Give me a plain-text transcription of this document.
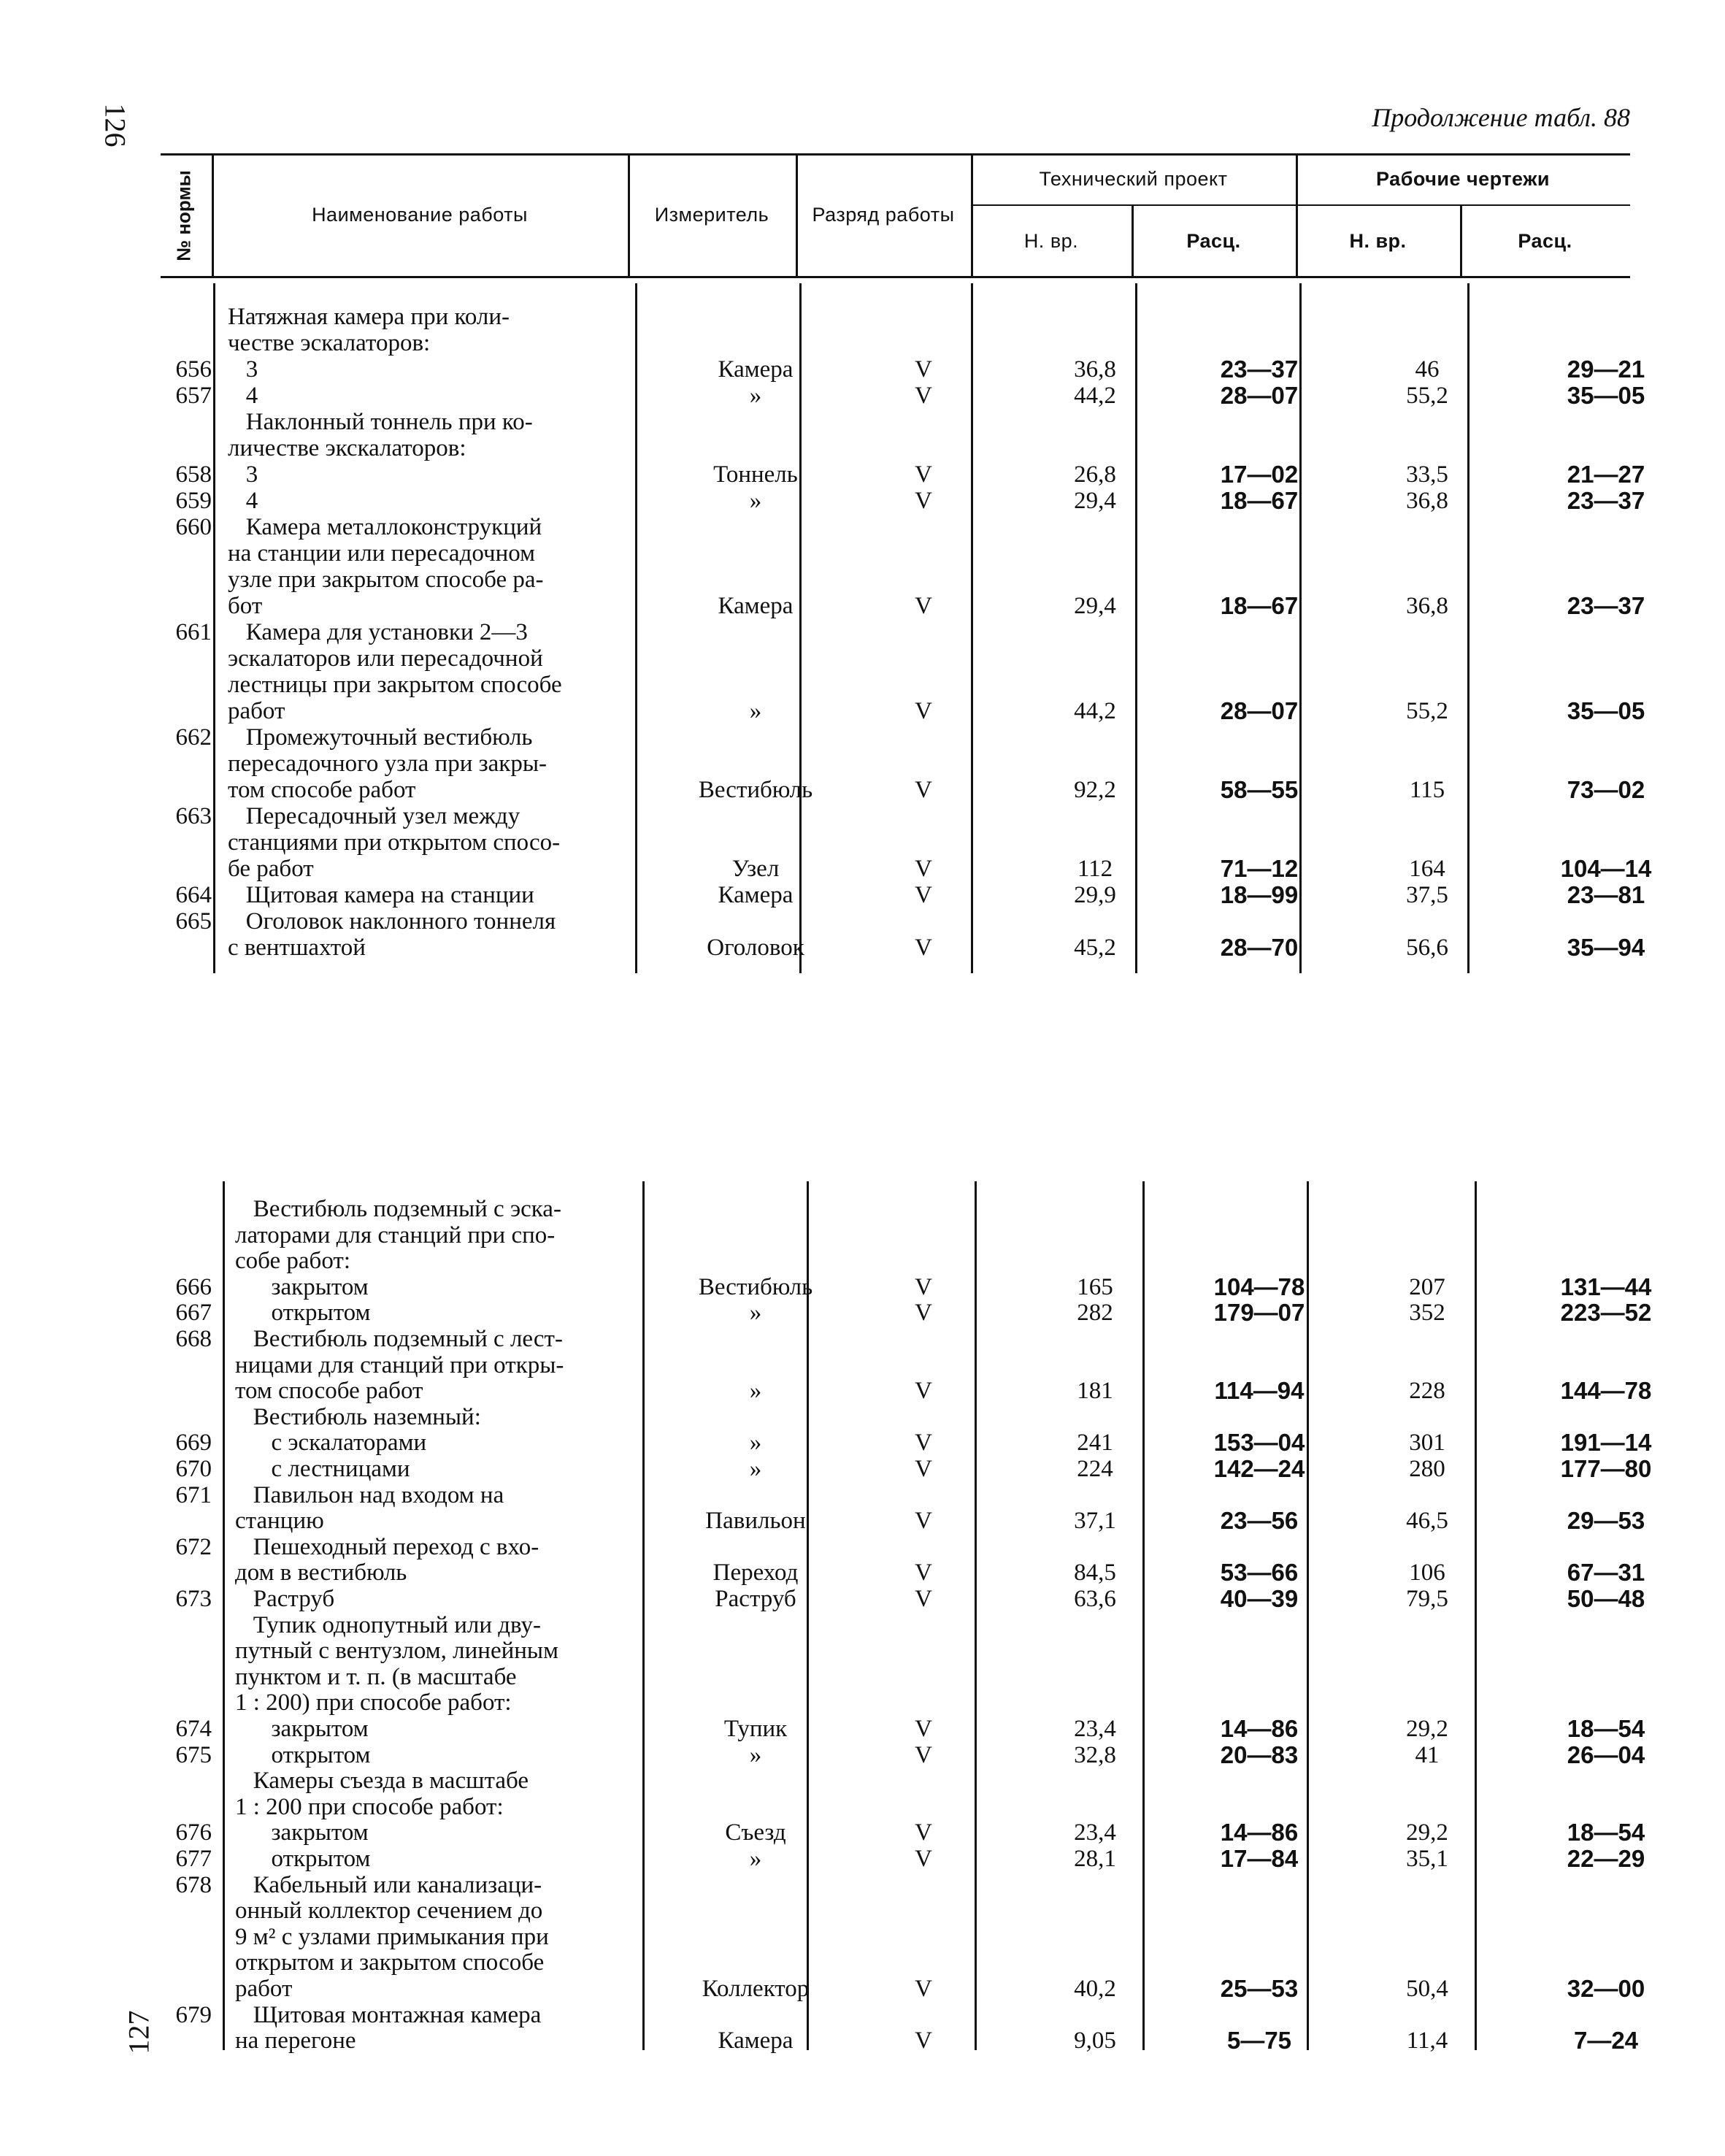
126	Продолжение табл. 88
№ нормы	Наименование работы	Измеритель	Разряд работы
Технический проект	Рабочие чертежи
Н. вр.	Расц.	Н. вр.	Расц.
Натяжная камера при коли-
честве эскалаторов:
656 3	Камера	V	36,8	23—37	46	29—21
657 4	»	V	44,2	28—07	55,2	35—05
Наклонный тоннель при ко-
личестве экскалаторов:
658 3	Тоннель	V	26,8	17—02	33,5	21—27
659 4	»	V	29,4	18—67	36,8	23—37
660 Камера металлоконструкций
на станции или пересадочном
узле при закрытом способе ра-
бот	Камера	V	29,4	18—67	36,8	23—37
661 Камера для установки 2—3
эскалаторов или пересадочной
лестницы при закрытом способе
работ	»	V	44,2	28—07	55,2	35—05
662 Промежуточный вестибюль
пересадочного узла при закры-
том способе работ	Вестибюль	V	92,2	58—55	115	73—02
663 Пересадочный узел между
станциями при открытом спосо-
бе работ	Узел	V	112	71—12	164	104—14
664 Щитовая камера на станции	Камера	V	29,9	18—99	37,5	23—81
665 Оголовок наклонного тоннеля
с вентшахтой	Оголовок	V	45,2	28—70	56,6	35—94
Вестибюль подземный с эска-
латорами для станций при спо-
собе работ:
666 закрытом	Вестибюль	V	165	104—78	207	131—44
667 открытом	»	V	282	179—07	352	223—52
668 Вестибюль подземный с лест-
ницами для станций при откры-
том способе работ	»	V	181	114—94	228	144—78
Вестибюль наземный:
669 с эскалаторами	»	V	241	153—04	301	191—14
670 с лестницами	»	V	224	142—24	280	177—80
671 Павильон над входом на
станцию	Павильон	V	37,1	23—56	46,5	29—53
672 Пешеходный переход с вхо-
дом в вестибюль	Переход	V	84,5	53—66	106	67—31
673 Раструб	Раструб	V	63,6	40—39	79,5	50—48
Тупик однопутный или дву-
путный с вентузлом, линейным
пунктом и т. п. (в масштабе
1 : 200) при способе работ:
674 закрытом	Тупик	V	23,4	14—86	29,2	18—54
675 открытом	»	V	32,8	20—83	41	26—04
Камеры съезда в масштабе
1 : 200 при способе работ:
676 закрытом	Съезд	V	23,4	14—86	29,2	18—54
677 открытом	»	V	28,1	17—84	35,1	22—29
678 Кабельный или канализаци-
онный коллектор сечением до
9 м² с узлами примыкания при
открытом и закрытом способе
работ	Коллектор	V	40,2	25—53	50,4	32—00
679 Щитовая монтажная камера
на перегоне	Камера	V	9,05	5—75	11,4	7—24
127
